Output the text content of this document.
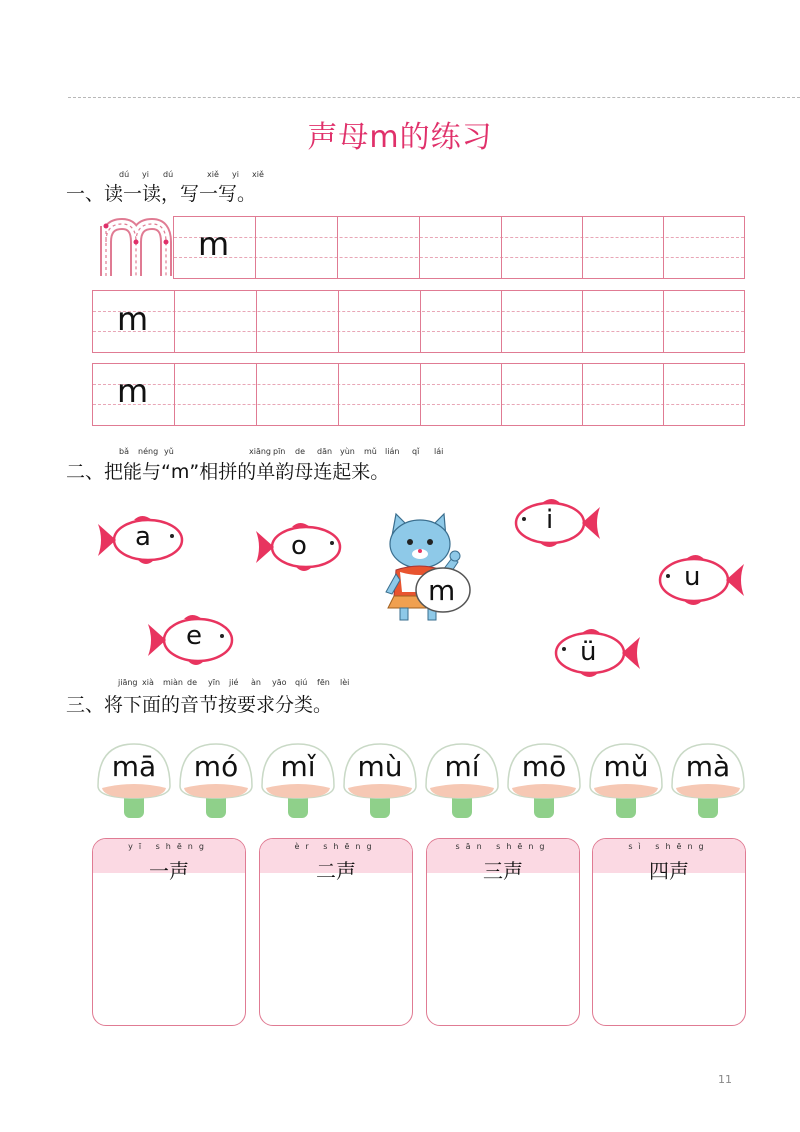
声母m的练习
dú yi dú	xiě yi xiě
一、读一读，写一写。
m
m
m
bǎ néng yǔ	xiāng pīn de dān yùn mǔ lián qǐ lái
二、把能与“m”相拼的单韵母连起来。
a	o
i
u
e
ü
m
jiāng xià miàn de yīn jié àn yāo qiú fēn lèi
三、将下面的音节按要求分类。
mā	mó	mǐ	mù	mí	mō	mǔ	mà
yī shēng
一声
èr shēng
二声
sān shēng
三声
sì shēng
四声
11
